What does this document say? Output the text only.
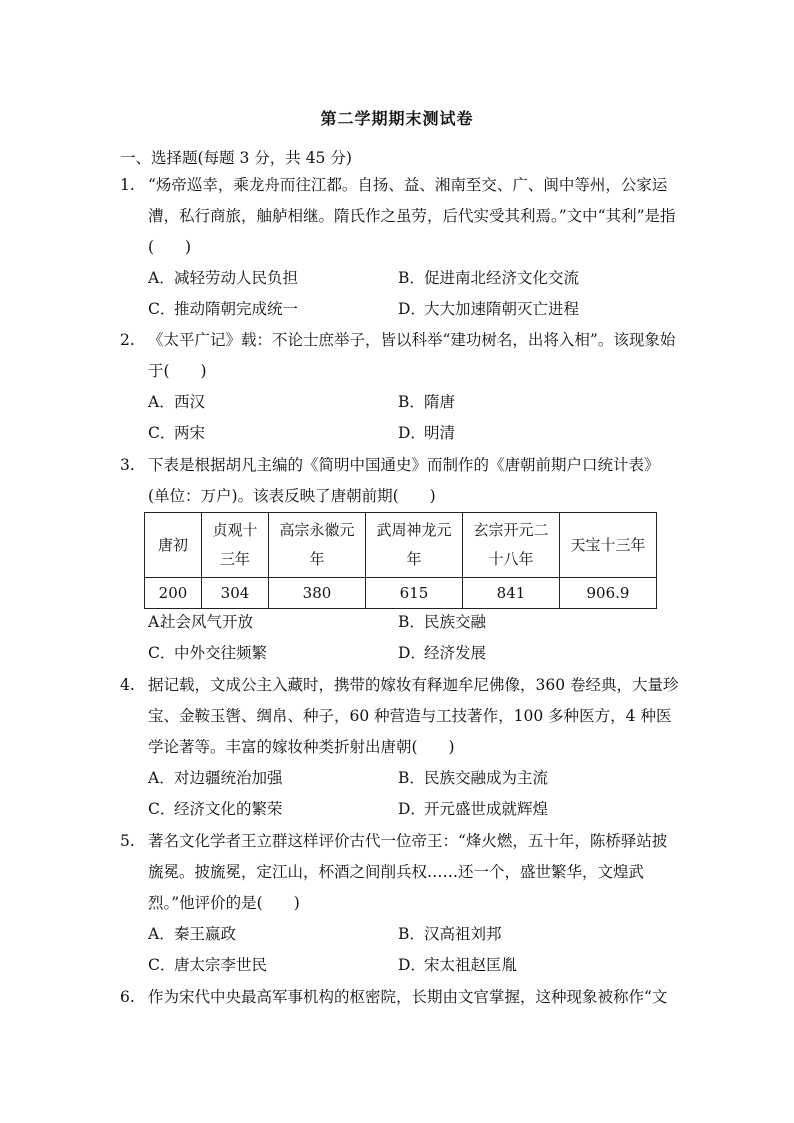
第二学期期末测试卷
一、选择题(每题 3 分，共 45 分)
1. “炀帝巡幸，乘龙舟而往江都。自扬、益、湘南至交、广、闽中等州，公家运漕，私行商旅，舳舻相继。隋氏作之虽劳，后代实受其利焉。”文中“其利”是指(　　)
A．减轻劳动人民负担	B．促进南北经济文化交流
C．推动隋朝完成统一	D．大大加速隋朝灭亡进程
2. 《太平广记》载：不论士庶举子，皆以科举“建功树名，出将入相”。该现象始于(　　)
A．西汉	B．隋唐
C．两宋	D．明清
3. 下表是根据胡凡主编的《简明中国通史》而制作的《唐朝前期户口统计表》(单位：万户)。该表反映了唐朝前期(　　)
唐初	贞观十三年	高宗永徽元年	武周神龙元年	玄宗开元二十八年	天宝十三年
200	304	380	615	841	906.9
A.社会风气开放	B．民族交融
C．中外交往频繁	D．经济发展
4. 据记载，文成公主入藏时，携带的嫁妆有释迦牟尼佛像，360 卷经典，大量珍宝、金鞍玉辔、绸帛、种子，60 种营造与工技著作，100 多种医方，4 种医学论著等。丰富的嫁妆种类折射出唐朝(　　)
A．对边疆统治加强	B．民族交融成为主流
C．经济文化的繁荣	D．开元盛世成就辉煌
5. 著名文化学者王立群这样评价古代一位帝王：“烽火燃，五十年，陈桥驿站披旒冕。披旒冕，定江山，杯酒之间削兵权……还一个，盛世繁华，文煌武烈。”他评价的是(　　)
A．秦王嬴政	B．汉高祖刘邦
C．唐太宗李世民	D．宋太祖赵匡胤
6. 作为宋代中央最高军事机构的枢密院，长期由文官掌握，这种现象被称作“文
